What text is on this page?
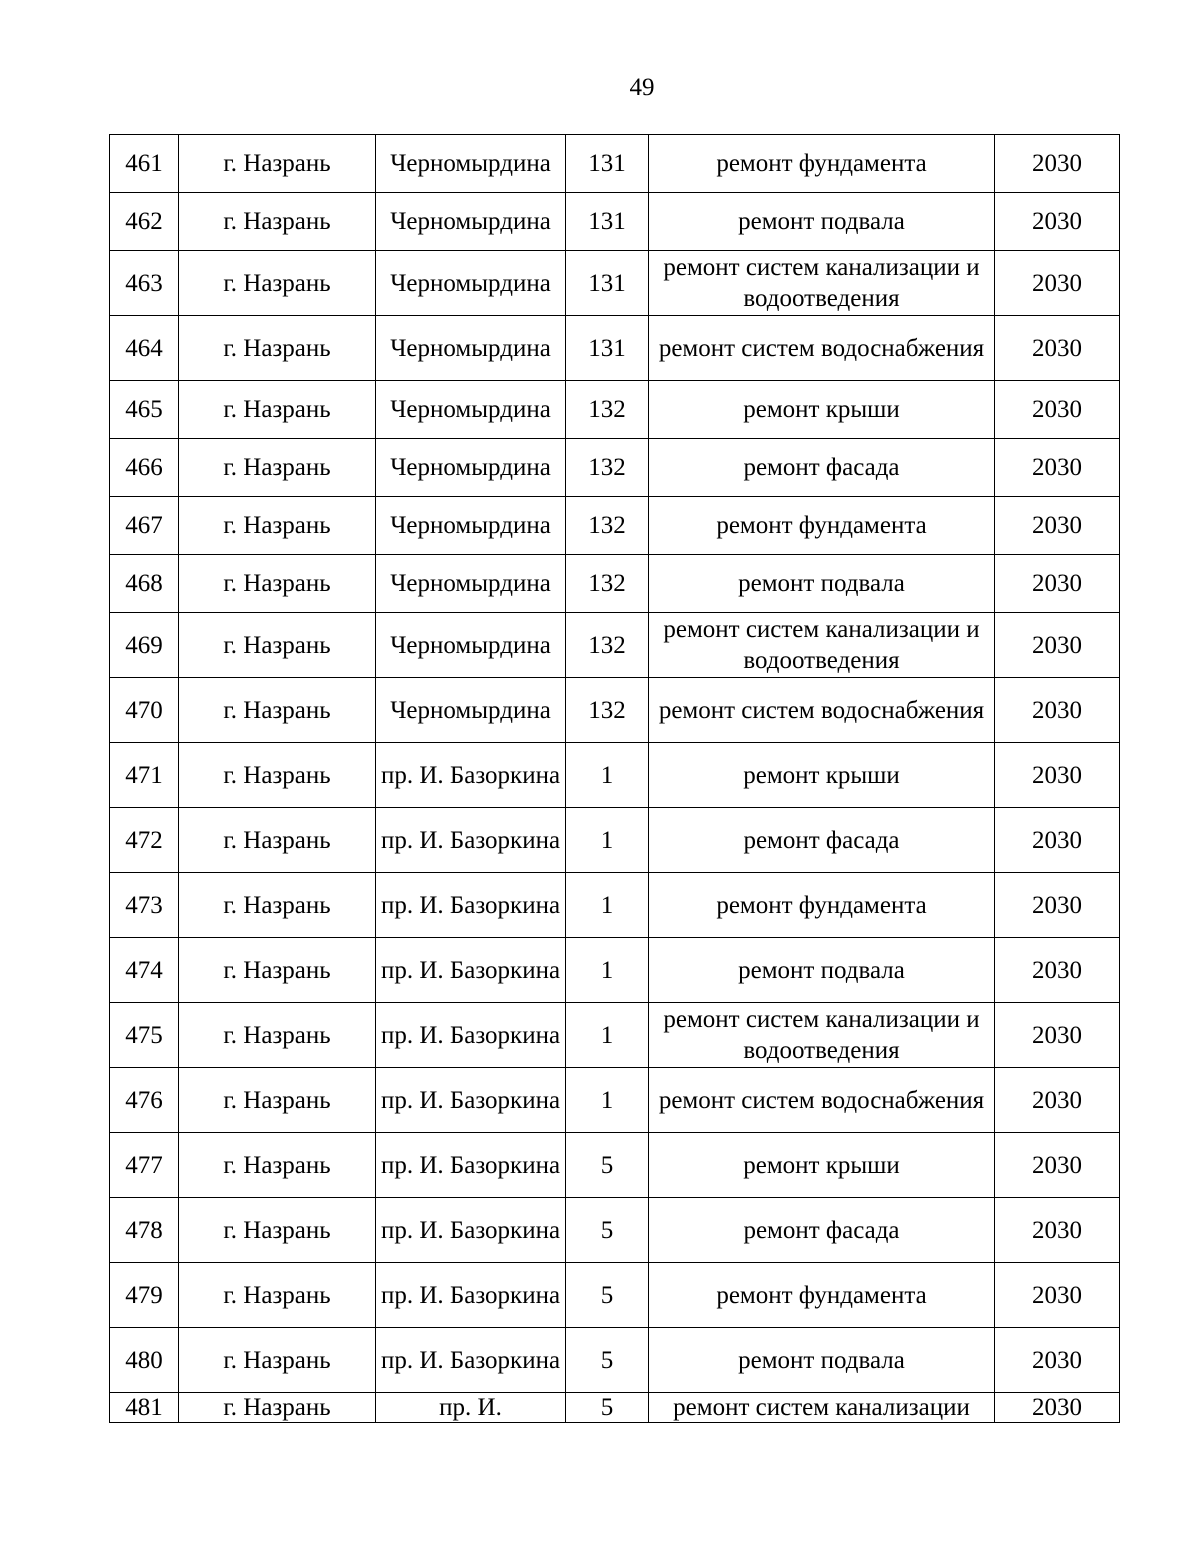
49
461	г. Назрань	Черномырдина	131	ремонт фундамента	2030
462	г. Назрань	Черномырдина	131	ремонт подвала	2030
463	г. Назрань	Черномырдина	131	ремонт систем канализации и водоотведения	2030
464	г. Назрань	Черномырдина	131	ремонт систем водоснабжения	2030
465	г. Назрань	Черномырдина	132	ремонт крыши	2030
466	г. Назрань	Черномырдина	132	ремонт фасада	2030
467	г. Назрань	Черномырдина	132	ремонт фундамента	2030
468	г. Назрань	Черномырдина	132	ремонт подвала	2030
469	г. Назрань	Черномырдина	132	ремонт систем канализации и водоотведения	2030
470	г. Назрань	Черномырдина	132	ремонт систем водоснабжения	2030
471	г. Назрань	пр. И. Базоркина	1	ремонт крыши	2030
472	г. Назрань	пр. И. Базоркина	1	ремонт фасада	2030
473	г. Назрань	пр. И. Базоркина	1	ремонт фундамента	2030
474	г. Назрань	пр. И. Базоркина	1	ремонт подвала	2030
475	г. Назрань	пр. И. Базоркина	1	ремонт систем канализации и водоотведения	2030
476	г. Назрань	пр. И. Базоркина	1	ремонт систем водоснабжения	2030
477	г. Назрань	пр. И. Базоркина	5	ремонт крыши	2030
478	г. Назрань	пр. И. Базоркина	5	ремонт фасада	2030
479	г. Назрань	пр. И. Базоркина	5	ремонт фундамента	2030
480	г. Назрань	пр. И. Базоркина	5	ремонт подвала	2030
481	г. Назрань	пр. И.	5	ремонт систем канализации	2030
